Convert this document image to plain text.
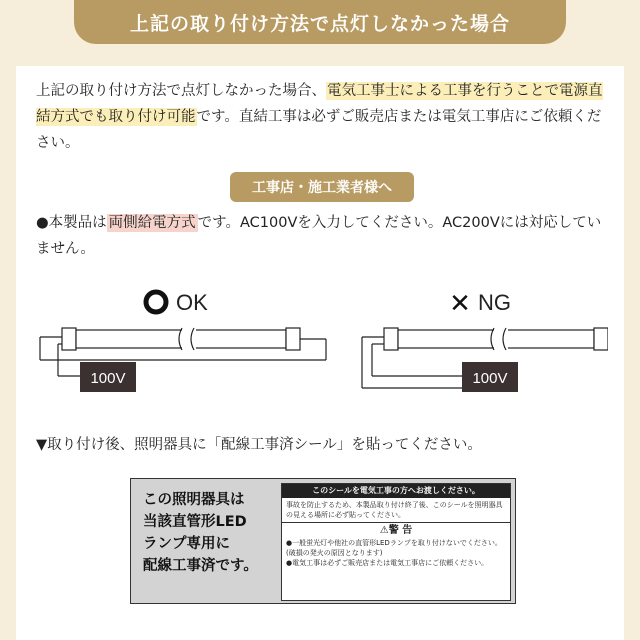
上記の取り付け方法で点灯しなかった場合
上記の取り付け方法で点灯しなかった場合、電気工事士による工事を行うことで電源直結方式でも取り付け可能です。直結工事は必ずご販売店または電気工事店にご依頼ください。
工事店・施工業者様へ
●本製品は 両側給電方式 です。AC100Vを入力してください。AC200Vには対応していません。
OK
100V
✕ NG
100V
▼取り付け後、照明器具に「配線工事済シール」を貼ってください。
この照明器具は
当該直管形LED
ランプ専用に
配線工事済です。
このシールを電気工事の方へお渡しください。
事故を防止するため、本製品取り付け終了後、このシールを照明器具の見える場所に必ず貼ってください。
⚠警 告
●一般蛍光灯や他社の直管形LEDランプを取り付けないでください。(破損の発火の原因となります)
●電気工事は必ずご販売店または電気工事店にご依頼ください。
